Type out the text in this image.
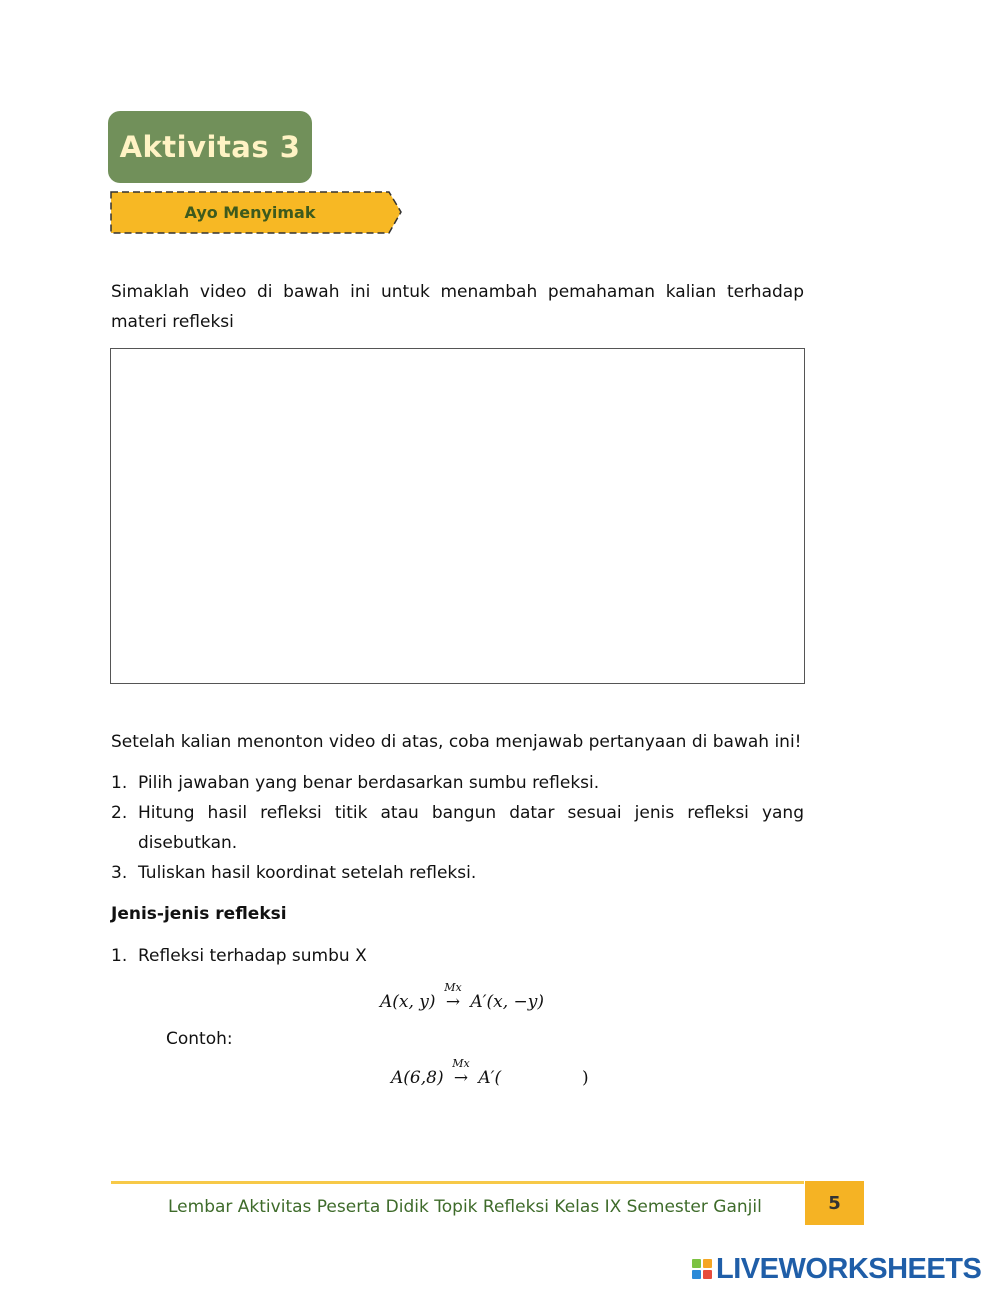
Aktivitas 3
Ayo Menyimak
Simaklah video di bawah ini untuk menambah pemahaman kalian terhadap materi refleksi
Setelah kalian menonton video di atas, coba menjawab pertanyaan di bawah ini!
1. Pilih jawaban yang benar berdasarkan sumbu refleksi.
2. Hitung hasil refleksi titik atau bangun datar sesuai jenis refleksi yang disebutkan.
3. Tuliskan hasil koordinat setelah refleksi.
Jenis-jenis refleksi
1. Refleksi terhadap sumbu X
A(x, y)
Mx
→ A′(x, −y)
Contoh:
A(6,8)
Mx
→ A′(	)
Lembar Aktivitas Peserta Didik Topik Refleksi Kelas IX Semester Ganjil	5
LIVEWORKSHEETS
